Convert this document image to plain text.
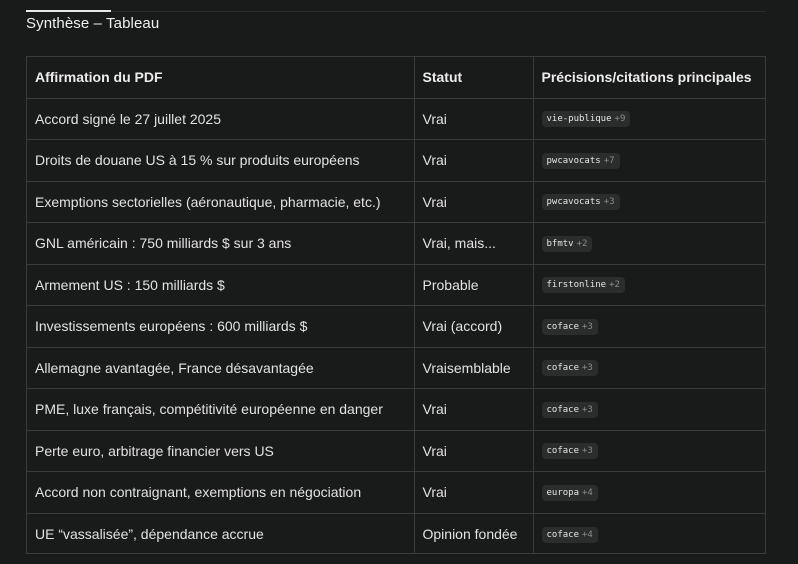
Synthèse – Tableau
Affirmation du PDF	Statut	Précisions/citations principales
Accord signé le 27 juillet 2025	Vrai	vie-publique +9
Droits de douane US à 15 % sur produits européens	Vrai	pwcavocats +7
Exemptions sectorielles (aéronautique, pharmacie, etc.)	Vrai	pwcavocats +3
GNL américain : 750 milliards $ sur 3 ans	Vrai, mais...	bfmtv +2
Armement US : 150 milliards $	Probable	firstonline +2
Investissements européens : 600 milliards $	Vrai (accord)	coface +3
Allemagne avantagée, France désavantagée	Vraisemblable	coface +3
PME, luxe français, compétitivité européenne en danger	Vrai	coface +3
Perte euro, arbitrage financier vers US	Vrai	coface +3
Accord non contraignant, exemptions en négociation	Vrai	europa +4
UE “vassalisée”, dépendance accrue	Opinion fondée	coface +4
